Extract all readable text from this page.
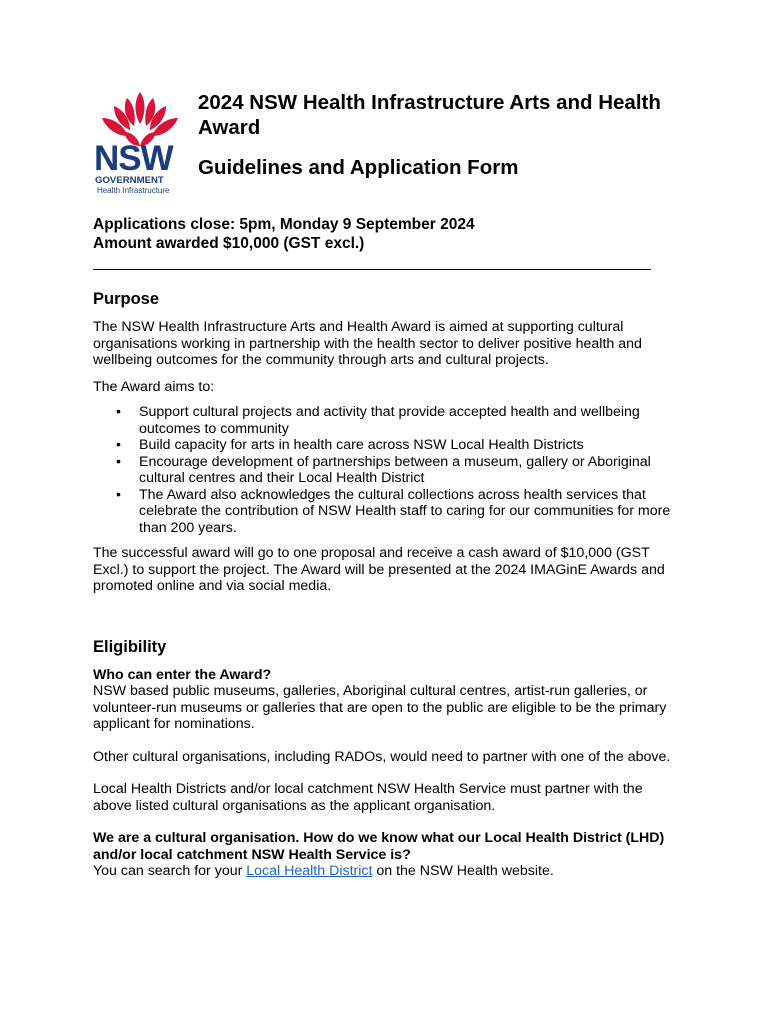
NSW
GOVERNMENT
Health Infrastructure
2024 NSW Health Infrastructure Arts and Health Award
Guidelines and Application Form
Applications close: 5pm, Monday 9 September 2024
Amount awarded $10,000 (GST excl.)
Purpose

The NSW Health Infrastructure Arts and Health Award is aimed at supporting cultural organisations working in partnership with the health sector to deliver positive health and wellbeing outcomes for the community through arts and cultural projects.

The Award aims to:

• Support cultural projects and activity that provide accepted health and wellbeing outcomes to community
• Build capacity for arts in health care across NSW Local Health Districts
• Encourage development of partnerships between a museum, gallery or Aboriginal cultural centres and their Local Health District
• The Award also acknowledges the cultural collections across health services that celebrate the contribution of NSW Health staff to caring for our communities for more than 200 years.

The successful award will go to one proposal and receive a cash award of $10,000 (GST Excl.) to support the project. The Award will be presented at the 2024 IMAGinE Awards and promoted online and via social media.

Eligibility

Who can enter the Award?

NSW based public museums, galleries, Aboriginal cultural centres, artist-run galleries, or volunteer-run museums or galleries that are open to the public are eligible to be the primary applicant for nominations.

Other cultural organisations, including RADOs, would need to partner with one of the above.

Local Health Districts and/or local catchment NSW Health Service must partner with the above listed cultural organisations as the applicant organisation.

We are a cultural organisation. How do we know what our Local Health District (LHD) and/or local catchment NSW Health Service is?

You can search for your Local Health District on the NSW Health website.
